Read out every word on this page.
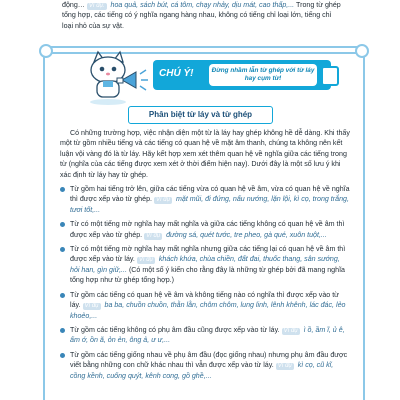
động… Ví dụ: hoa quả, sách bút, cá tôm, chạy nhảy, dịu mát, cao thấp,... Trong từ ghép tổng hợp, các tiếng có ý nghĩa ngang hàng nhau, không có tiếng chỉ loại lớn, tiếng chỉ loại nhỏ của sự vật.

CHÚ Ý!	Đừng nhầm lẫn từ ghép với từ láy hay cụm từ!
Phân biệt từ láy và từ ghép

Có những trường hợp, việc nhận diện một từ là láy hay ghép không hề dễ dàng. Khi thấy một từ gồm nhiều tiếng và các tiếng có quan hệ về mặt âm thanh, chúng ta không nên kết luận vội vàng đó là từ láy. Hãy kết hợp xem xét thêm quan hệ về nghĩa giữa các tiếng trong từ (nghĩa của các tiếng được xem xét ở thời điểm hiện nay). Dưới đây là một số lưu ý khi xác định từ láy hay từ ghép.

Từ gồm hai tiếng trở lên, giữa các tiếng vừa có quan hệ về âm, vừa có quan hệ về nghĩa thì được xếp vào từ ghép. Ví dụ mặt mũi, đi đứng, nấu nướng, lặn lội, kì cọ, trong trắng, tươi tốt,...
Từ có một tiếng mờ nghĩa hay mất nghĩa và giữa các tiếng không có quan hệ về âm thì được xếp vào từ ghép. Ví dụ đường sá, quét tước, tre pheo, gà qué, xuôn tuột,...
Từ có một tiếng mờ nghĩa hay mất nghĩa nhưng giữa các tiếng lại có quan hệ về âm thì được xếp vào từ láy. Ví dụ khách khứa, chùa chiền, đất đai, thuốc thang, sân sướng, hỏi han, gìn giữ,... (Có một số ý kiến cho rằng đây là những từ ghép bởi đã mang nghĩa tổng hợp như từ ghép tổng hợp.)
Từ gồm các tiếng có quan hệ về âm và không tiếng nào có nghĩa thì được xếp vào từ láy. Ví dụ ba ba, chuồn chuồn, thằn lằn, chôm chôm, lung linh, lênh khênh, lác đác, lẻo khoẻo,...
Từ gồm các tiếng không có phụ âm đầu cũng được xếp vào từ láy. Ví dụ ì ồ, ầm ĩ, ủ ê, ấm ớ, ồn ã, ỏn ẻn, ông ả, ư ư,...
Từ gồm các tiếng giống nhau về phụ âm đầu (đọc giống nhau) nhưng phụ âm đầu được viết bằng những con chữ khác nhau thì vẫn được xếp vào từ láy. Ví dụ kì cọ, cũ kĩ, cồng kềnh, cuống quýt, kênh cong, gồ ghề,...
